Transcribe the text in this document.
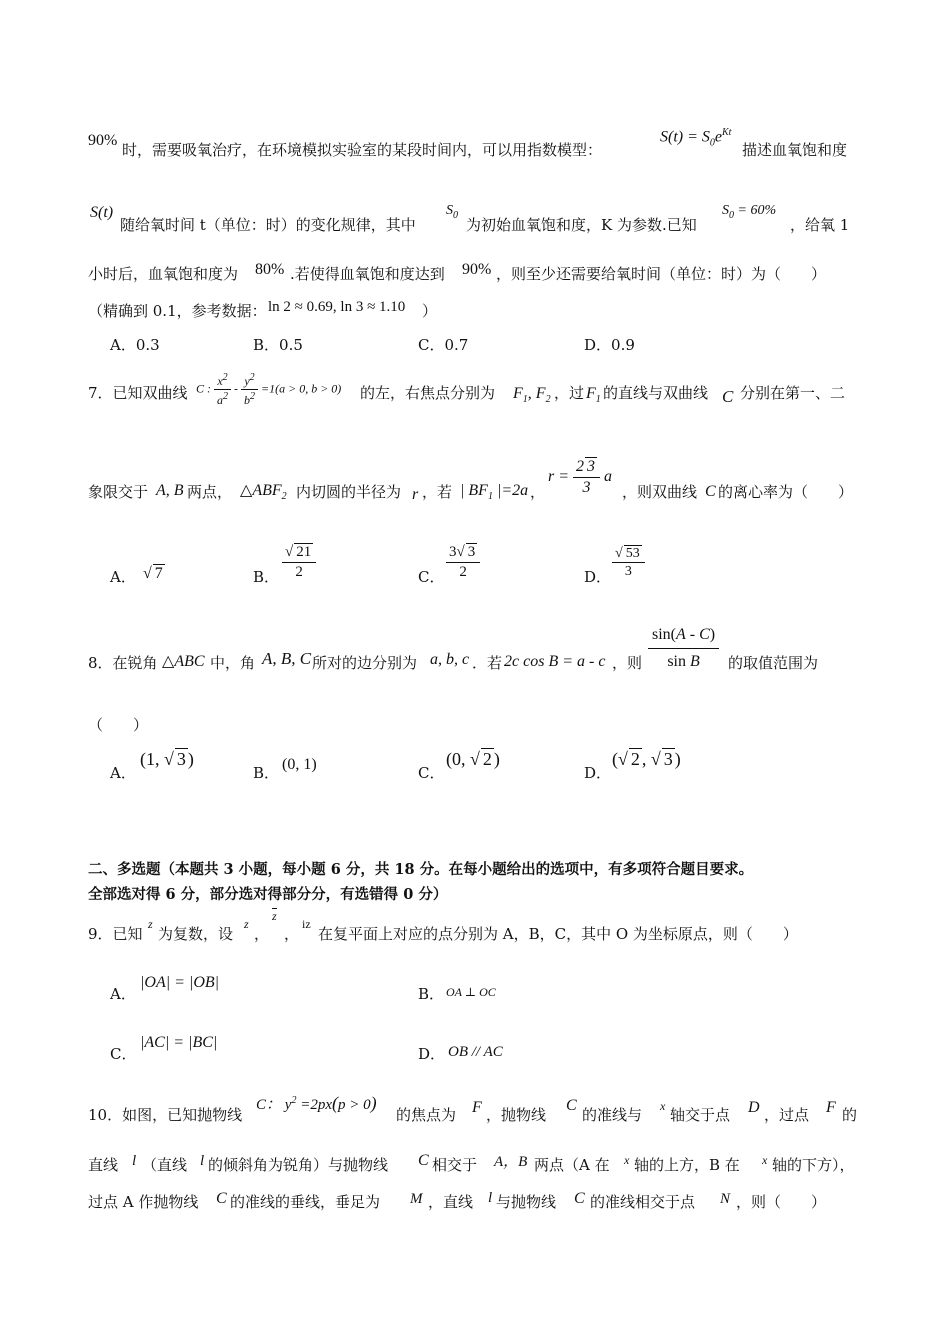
90%
时，需要吸氧治疗，在环境模拟实验室的某段时间内，可以用指数模型：
$S(t) = S_0e^{Kt}$
描述血氧饱和度
S(t)
随给氧时间 t（单位：时）的变化规律，其中
$S_0$
为初始血氧饱和度，K 为参数.已知
$S_0 = 60\%$
，给氧 1
小时后，血氧饱和度为 80% .若使得血氧饱和度达到 90% ，则至少还需要给氧时间（单位：时）为（　　）
（精确到 0.1，参考数据： ln 2 ≈ 0.69, ln 3 ≈ 1.10 ）
A．0.3	B．0.5	C．0.7	D．0.9
7．已知双曲线 C : $\frac{x^2}{a^2} - \frac{y^2}{b^2} =1(a > 0$, b > 0) 的左，右焦点分别为 $F_1$, $F_2$ ，过 $F_1$ 的直线与双曲线 C 分别在第一、二
象限交于 A, B 两点， $\triangle ABF_2$ 内切圆的半径为 r ，若 | $BF_1$ |=2a ，
$r = \frac{2 3}{3}$ a
，则双曲线 C 的离心率为（　　）
A． √ 7	B． $\frac{√ 21}{2}$	C． $\frac{3√ 3}{2}$	D． $\frac{√ 53}{3}$
8．在锐角 △ABC 中，角 A, B, C 所对的边分别为 a, b, c ．若 2c cos B = a - c ，则 $\frac{\sin(A - C)}{\text{sin B}}$ 的取值范围为
（　　）
A．
(1, √ 3 )
B． (0, 1)	C．
(0, √ 2 )
D．
(√ 2 , √ 3 )
二、多选题（本题共 3 小题，每小题 6 分，共 18 分。在每小题给出的选项中，有多项符合题目要求。
全部选对得 6 分，部分选对得部分分，有选错得 0 分）
9．已知
z
为复数，设
z
，
z
，
iz
在复平面上对应的点分别为 A，B，C，其中 O 为坐标原点，则（　　）
A．
|OA| = |OB|
B． OA ⊥ OC
C．
|AC| = |BC|
D． OB // AC
10．如图，已知抛物线
C： $y^2 =2px(p > 0)$
的焦点为 F ，抛物线
C
的准线与 x 轴交于点 D ，过点 F 的
直线 l （直线 l 的倾斜角为锐角）与抛物线 C 相交于 A，B 两点（A 在 x 轴的上方，B 在 x 轴的下方），
过点 A 作抛物线 C 的准线的垂线，垂足为 M ，直线 l 与抛物线 C 的准线相交于点 N ，则（　　）
